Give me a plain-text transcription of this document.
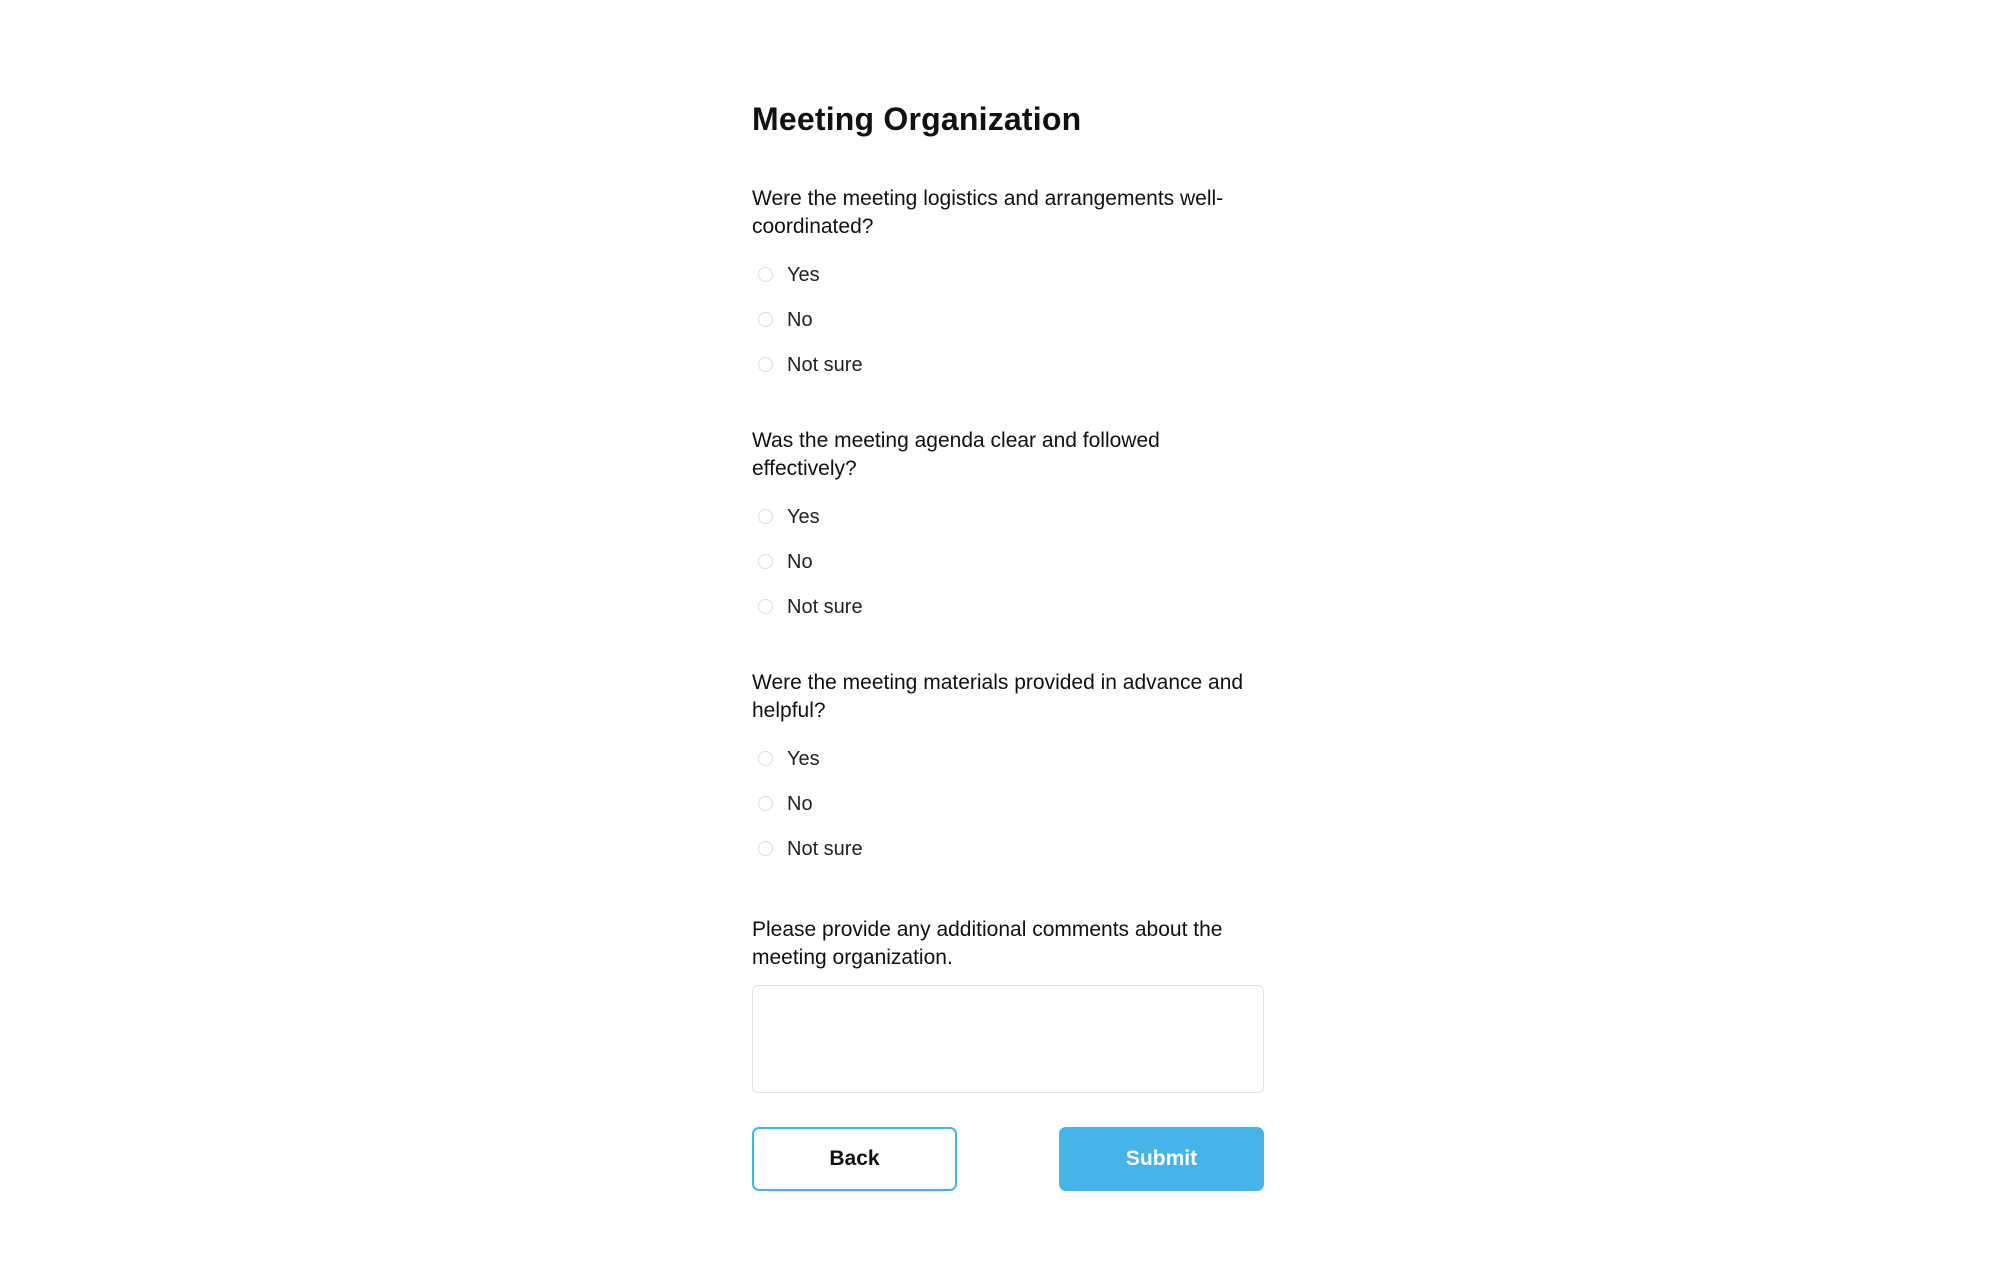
Meeting Organization

Were the meeting logistics and arrangements well-coordinated?

Yes
No
Not sure

Was the meeting agenda clear and followed effectively?

Yes
No
Not sure

Were the meeting materials provided in advance and helpful?

Yes
No
Not sure

Please provide any additional comments about the meeting organization.

Back	Submit
